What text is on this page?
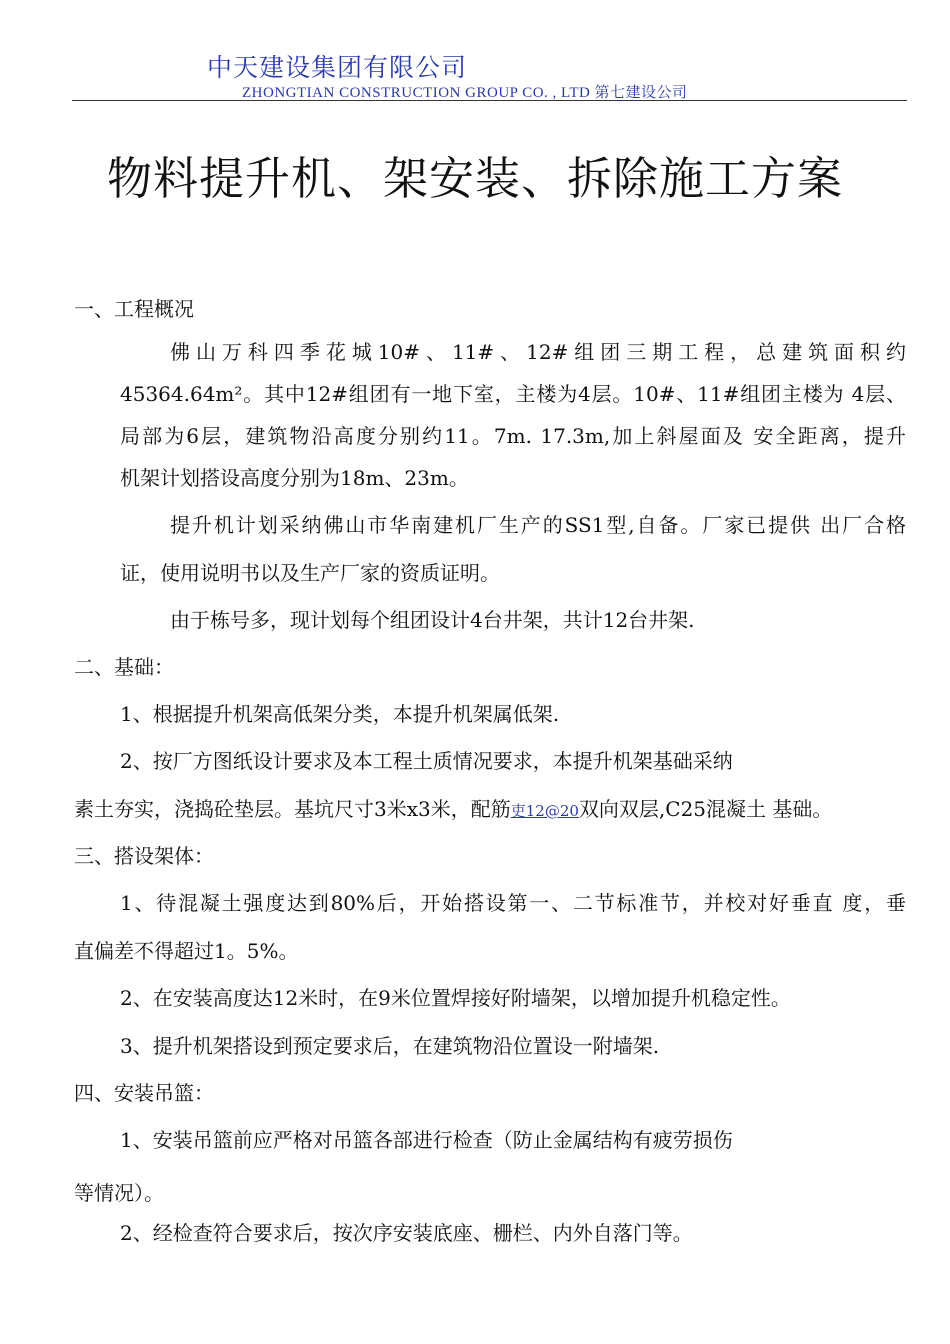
中天建设集团有限公司
ZHONGTIAN CONSTRUCTION GROUP CO. , LTD 第七建设公司
物料提升机、架安装、拆除施工方案
一、工程概况
佛山万科四季花城10#、11#、12#组团三期工程，总建筑面积约
45364.64m²。其中12#组团有一地下室，主楼为4层。10#、11#组团主楼为 4层、
局部为6层，建筑物沿高度分别约11。7m. 17.3m,加上斜屋面及 安全距离，提升
机架计划搭设高度分别为18m、23m。
提升机计划采纳佛山市华南建机厂生产的SS1型,自备。厂家已提供 出厂合格
证，使用说明书以及生产厂家的资质证明。
由于栋号多，现计划每个组团设计4台井架，共计12台井架.
二、基础：
1、根据提升机架高低架分类，本提升机架属低架.
2、按厂方图纸设计要求及本工程土质情况要求，本提升机架基础采纳
素土夯实，浇捣砼垫层。基坑尺寸3米x3米，配筋吏12@20双向双层,C25混凝土 基础。
三、搭设架体：
1、待混凝土强度达到80%后，开始搭设第一、二节标准节，并校对好垂直 度，垂
直偏差不得超过1。5%。
2、在安装高度达12米时，在9米位置焊接好附墙架，以增加提升机稳定性。
3、提升机架搭设到预定要求后，在建筑物沿位置设一附墙架.
四、安装吊篮：
1、安装吊篮前应严格对吊篮各部进行检查（防止金属结构有疲劳损伤
等情况）。
2、经检查符合要求后，按次序安装底座、栅栏、内外自落门等。
